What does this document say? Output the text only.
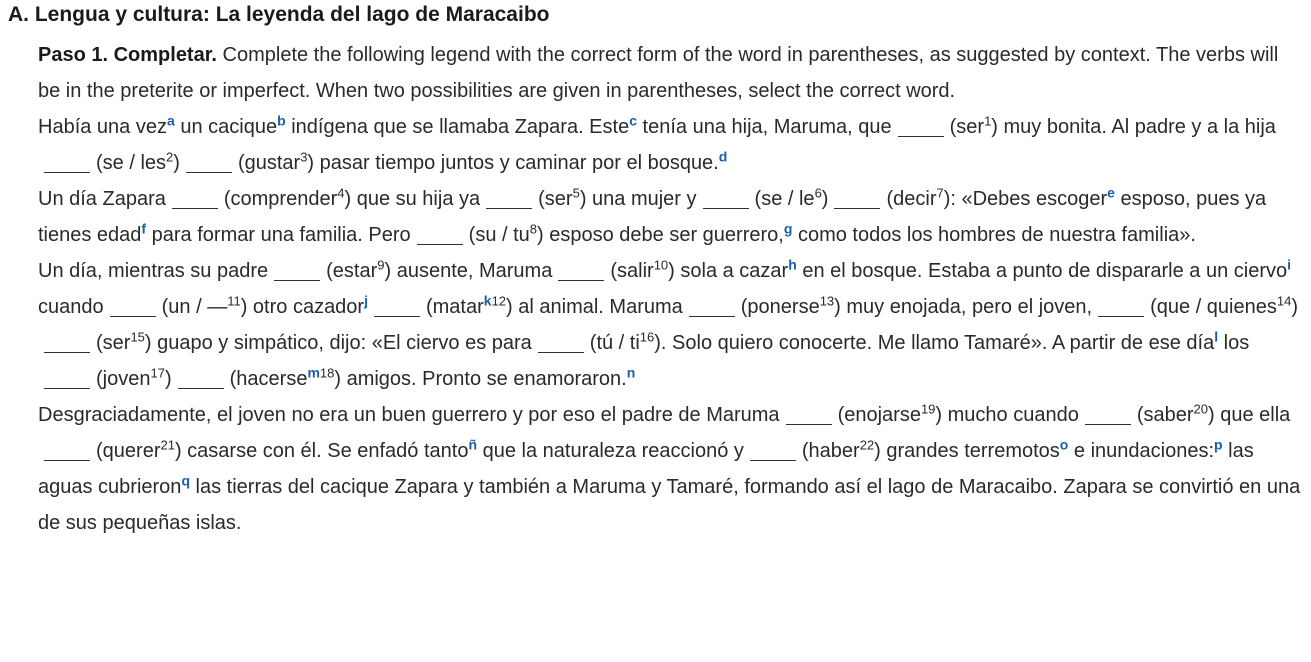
A. Lengua y cultura: La leyenda del lago de Maracaibo

Paso 1. Completar. Complete the following legend with the correct form of the word in parentheses, as suggested by context. The verbs will be in the preterite or imperfect. When two possibilities are given in parentheses, select the correct word.

Había una vez$^a$ un cacique$^b$ indígena que se llamaba Zapara. Este$^c$ tenía una hija, Maruma, que	(ser$^1$) muy bonita. Al padre y a la hija(se / les$^2$)	(gustar$^3$) pasar tiempo juntos y caminar por el bosque.$^d$

Un día Zapara	(comprender$^4$) que su hija ya	(ser$^5$) una mujer y	$(se / le^6)$	(decir$^7$): «Debes escoger$^e$ esposo, pues ya tienes edad$^f$ para formar una familia. Pero	$(su / tu^8)$ esposo debe ser guerrero,$^g$ como todos los hombres de nuestra familia».

Un día, mientras su padre	(estar$^9$) ausente, Maruma	(salir$^{10}$) sola a cazar$^h$ en el bosque. Estaba a punto de dispararle a un ciervo$^i$ cuando	(un / —$^{11}$) otro cazador$^j$	(matar$^{k12}$) al animal. Maruma	(ponerse$^{13}$) muy enojada, pero el joven,	(que / quienes$^{14}$)(ser$^{15}$) guapo y simpático, dijo: «El ciervo es para	(tú / $ti^{16}$). Solo quiero conocerte. Me llamo Tamaré». A partir de ese día$^l$ los(joven$^{17}$)	(hacerse$^{m18}$) amigos. Pronto se enamoraron.$^n$

Desgraciadamente, el joven no era un buen guerrero y por eso el padre de Maruma	(enojarse$^{19}$) mucho cuando	(saber$^{20}$) que ella(querer$^{21}$) casarse con él. Se enfadó tanto$^ñ$ que la naturaleza reaccionó y	(haber$^{22}$) grandes terremotos$^o$ e inundaciones:$^p$ las aguas cubrieron$^q$ las tierras del cacique Zapara y también a Maruma y Tamaré, formando así el lago de Maracaibo. Zapara se convirtió en una de sus pequeñas islas.
